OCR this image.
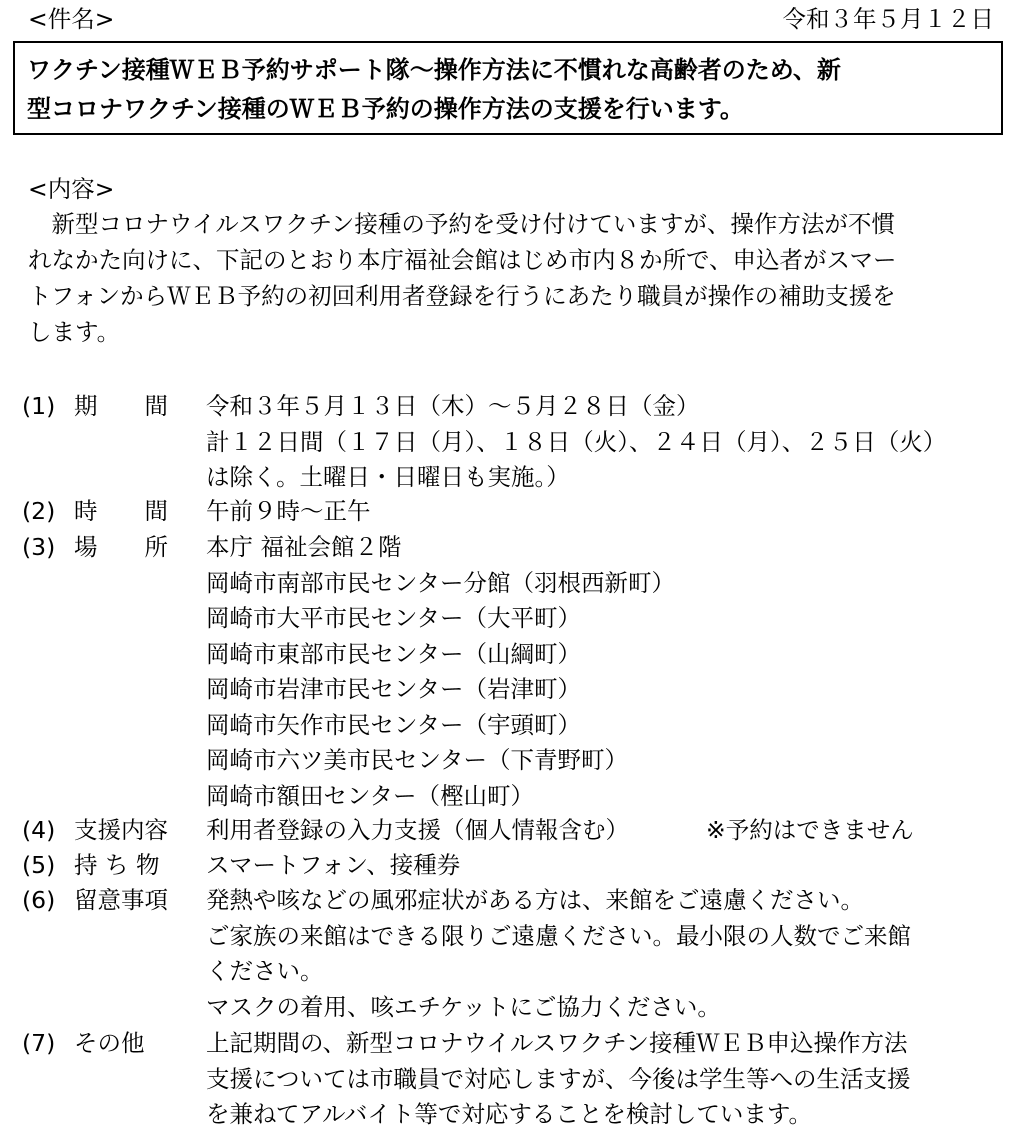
<件名>	令和３年５月１２日
ワクチン接種ＷＥＢ予約サポート隊～操作方法に不慣れな高齢者のため、新
型コロナワクチン接種のＷＥＢ予約の操作方法の支援を行います。
<内容>
　新型コロナウイルスワクチン接種の予約を受け付けていますが、操作方法が不慣
れなかた向けに、下記のとおり本庁福祉会館はじめ市内８か所で、申込者がスマー
トフォンからＷＥＢ予約の初回利用者登録を行うにあたり職員が操作の補助支援を
します。
(1) 期　　間 令和３年５月１３日（木）～５月２８日（金）
計１２日間（１７日（月）、１８日（火）、２４日（月）、２５日（火）
は除く。土曜日・日曜日も実施。）
(2) 時　　間 午前９時～正午
(3) 場　　所 本庁 福祉会館２階
岡崎市南部市民センター分館（羽根西新町）
岡崎市大平市民センター（大平町）
岡崎市東部市民センター（山綱町）
岡崎市岩津市民センター（岩津町）
岡崎市矢作市民センター（宇頭町）
岡崎市六ツ美市民センター（下青野町）
岡崎市額田センター（樫山町）
(4) 支援内容 利用者登録の入力支援（個人情報含む）	※予約はできません
(5) 持 ち 物 スマートフォン、接種券
(6) 留意事項 発熱や咳などの風邪症状がある方は、来館をご遠慮ください。
ご家族の来館はできる限りご遠慮ください。最小限の人数でご来館
ください。
マスクの着用、咳エチケットにご協力ください。
(7) その他	上記期間の、新型コロナウイルスワクチン接種ＷＥＢ申込操作方法
支援については市職員で対応しますが、今後は学生等への生活支援
を兼ねてアルバイト等で対応することを検討しています。
